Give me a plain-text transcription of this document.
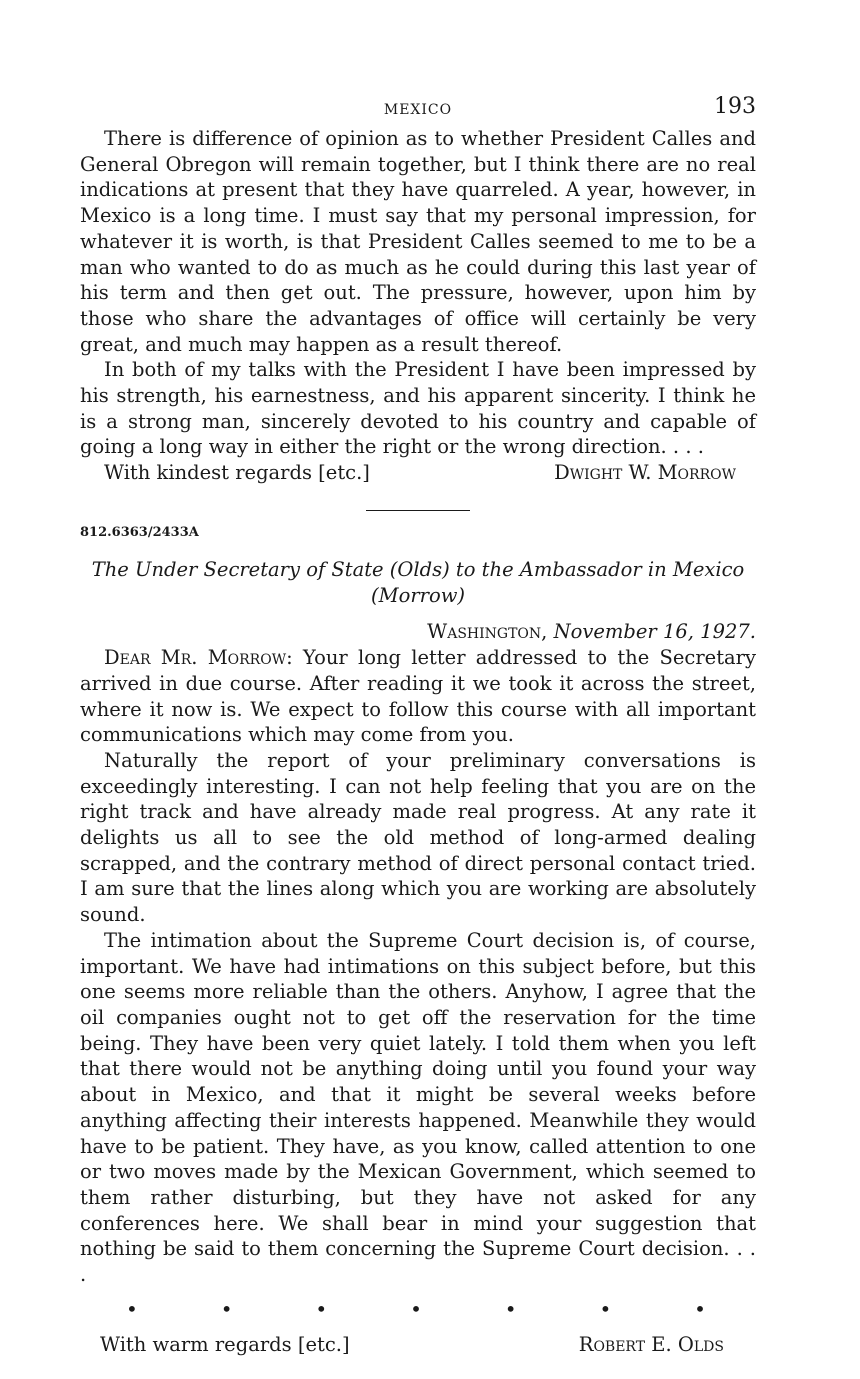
MEXICO	193

There is difference of opinion as to whether President Calles and General Obregon will remain together, but I think there are no real indications at present that they have quarreled. A year, however, in Mexico is a long time. I must say that my personal impression, for whatever it is worth, is that President Calles seemed to me to be a man who wanted to do as much as he could during this last year of his term and then get out. The pressure, however, upon him by those who share the advantages of office will certainly be very great, and much may happen as a result thereof.

In both of my talks with the President I have been impressed by his strength, his earnestness, and his apparent sincerity. I think he is a strong man, sincerely devoted to his country and capable of going a long way in either the right or the wrong direction. . . .

With kindest regards [etc.]	Dwight W. Morrow
812.6363/2433A
The Under Secretary of State (Olds) to the Ambassador in Mexico (Morrow)
Washington, November 16, 1927.

Dear Mr. Morrow: Your long letter addressed to the Secretary arrived in due course. After reading it we took it across the street, where it now is. We expect to follow this course with all important communications which may come from you.

Naturally the report of your preliminary conversations is exceedingly interesting. I can not help feeling that you are on the right track and have already made real progress. At any rate it delights us all to see the old method of long-armed dealing scrapped, and the contrary method of direct personal contact tried. I am sure that the lines along which you are working are absolutely sound.

The intimation about the Supreme Court decision is, of course, important. We have had intimations on this subject before, but this one seems more reliable than the others. Anyhow, I agree that the oil companies ought not to get off the reservation for the time being. They have been very quiet lately. I told them when you left that there would not be anything doing until you found your way about in Mexico, and that it might be several weeks before anything affecting their interests happened. Meanwhile they would have to be patient. They have, as you know, called attention to one or two moves made by the Mexican Government, which seemed to them rather disturbing, but they have not asked for any conferences here. We shall bear in mind your suggestion that nothing be said to them concerning the Supreme Court decision. . . .

•	•	•	•	•	•	•
With warm regards [etc.]	Robert E. Olds
